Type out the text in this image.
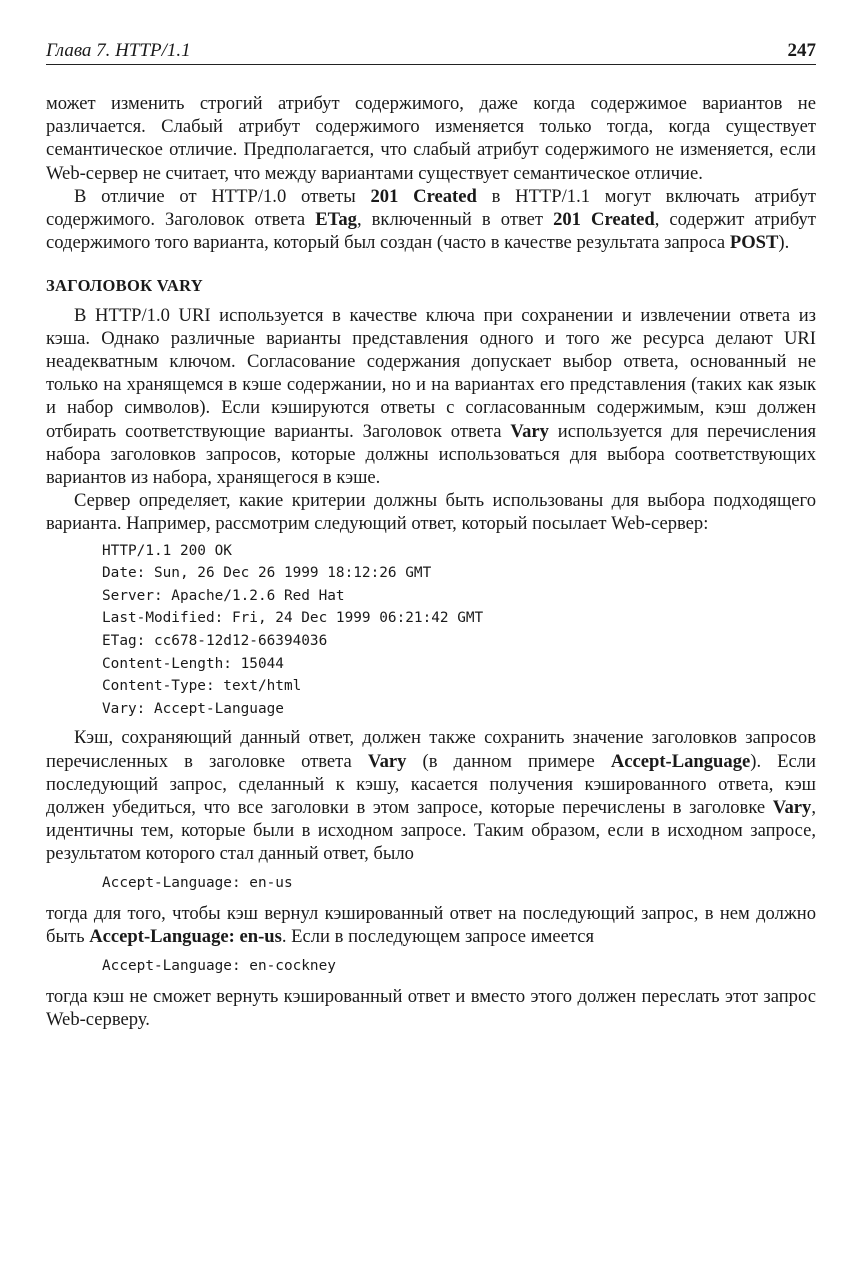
Глава 7. HTTP/1.1	247

может изменить строгий атрибут содержимого, даже когда содержимое вариантов не различается. Слабый атрибут содержимого изменяется только тогда, когда существует семантическое отличие. Предполагается, что слабый атрибут содержимого не изменяется, если Web-сервер не считает, что между вариантами существует семантическое отличие.

В отличие от HTTP/1.0 ответы 201 Created в HTTP/1.1 могут включать атрибут содержимого. Заголовок ответа ETag, включенный в ответ 201 Created, содержит атрибут содержимого того варианта, который был создан (часто в качестве результата запроса POST).

ЗАГОЛОВОК VARY

В HTTP/1.0 URI используется в качестве ключа при сохранении и извлечении ответа из кэша. Однако различные варианты представления одного и того же ресурса делают URI неадекватным ключом. Согласование содержания допускает выбор ответа, основанный не только на хранящемся в кэше содержании, но и на вариантах его представления (таких как язык и набор символов). Если кэшируются ответы с согласованным содержимым, кэш должен отбирать соответствующие варианты. Заголовок ответа Vary используется для перечисления набора заголовков запросов, которые должны использоваться для выбора соответствующих вариантов из набора, хранящегося в кэше.

Сервер определяет, какие критерии должны быть использованы для выбора подходящего варианта. Например, рассмотрим следующий ответ, который посылает Web-сервер:

HTTP/1.1 200 OK
Date: Sun, 26 Dec 26 1999 18:12:26 GMT
Server: Apache/1.2.6 Red Hat
Last-Modified: Fri, 24 Dec 1999 06:21:42 GMT
ETag: cc678-12d12-66394036
Content-Length: 15044
Content-Type: text/html
Vary: Accept-Language

Кэш, сохраняющий данный ответ, должен также сохранить значение заголовков запросов перечисленных в заголовке ответа Vary (в данном примере Accept-Language). Если последующий запрос, сделанный к кэшу, касается получения кэшированного ответа, кэш должен убедиться, что все заголовки в этом запросе, которые перечислены в заголовке Vary, идентичны тем, которые были в исходном запросе. Таким образом, если в исходном запросе, результатом которого стал данный ответ, было

Accept-Language: en-us

тогда для того, чтобы кэш вернул кэшированный ответ на последующий запрос, в нем должно быть Accept-Language: en-us. Если в последующем запросе имеется

Accept-Language: en-cockney

тогда кэш не сможет вернуть кэшированный ответ и вместо этого должен переслать этот запрос Web-серверу.
